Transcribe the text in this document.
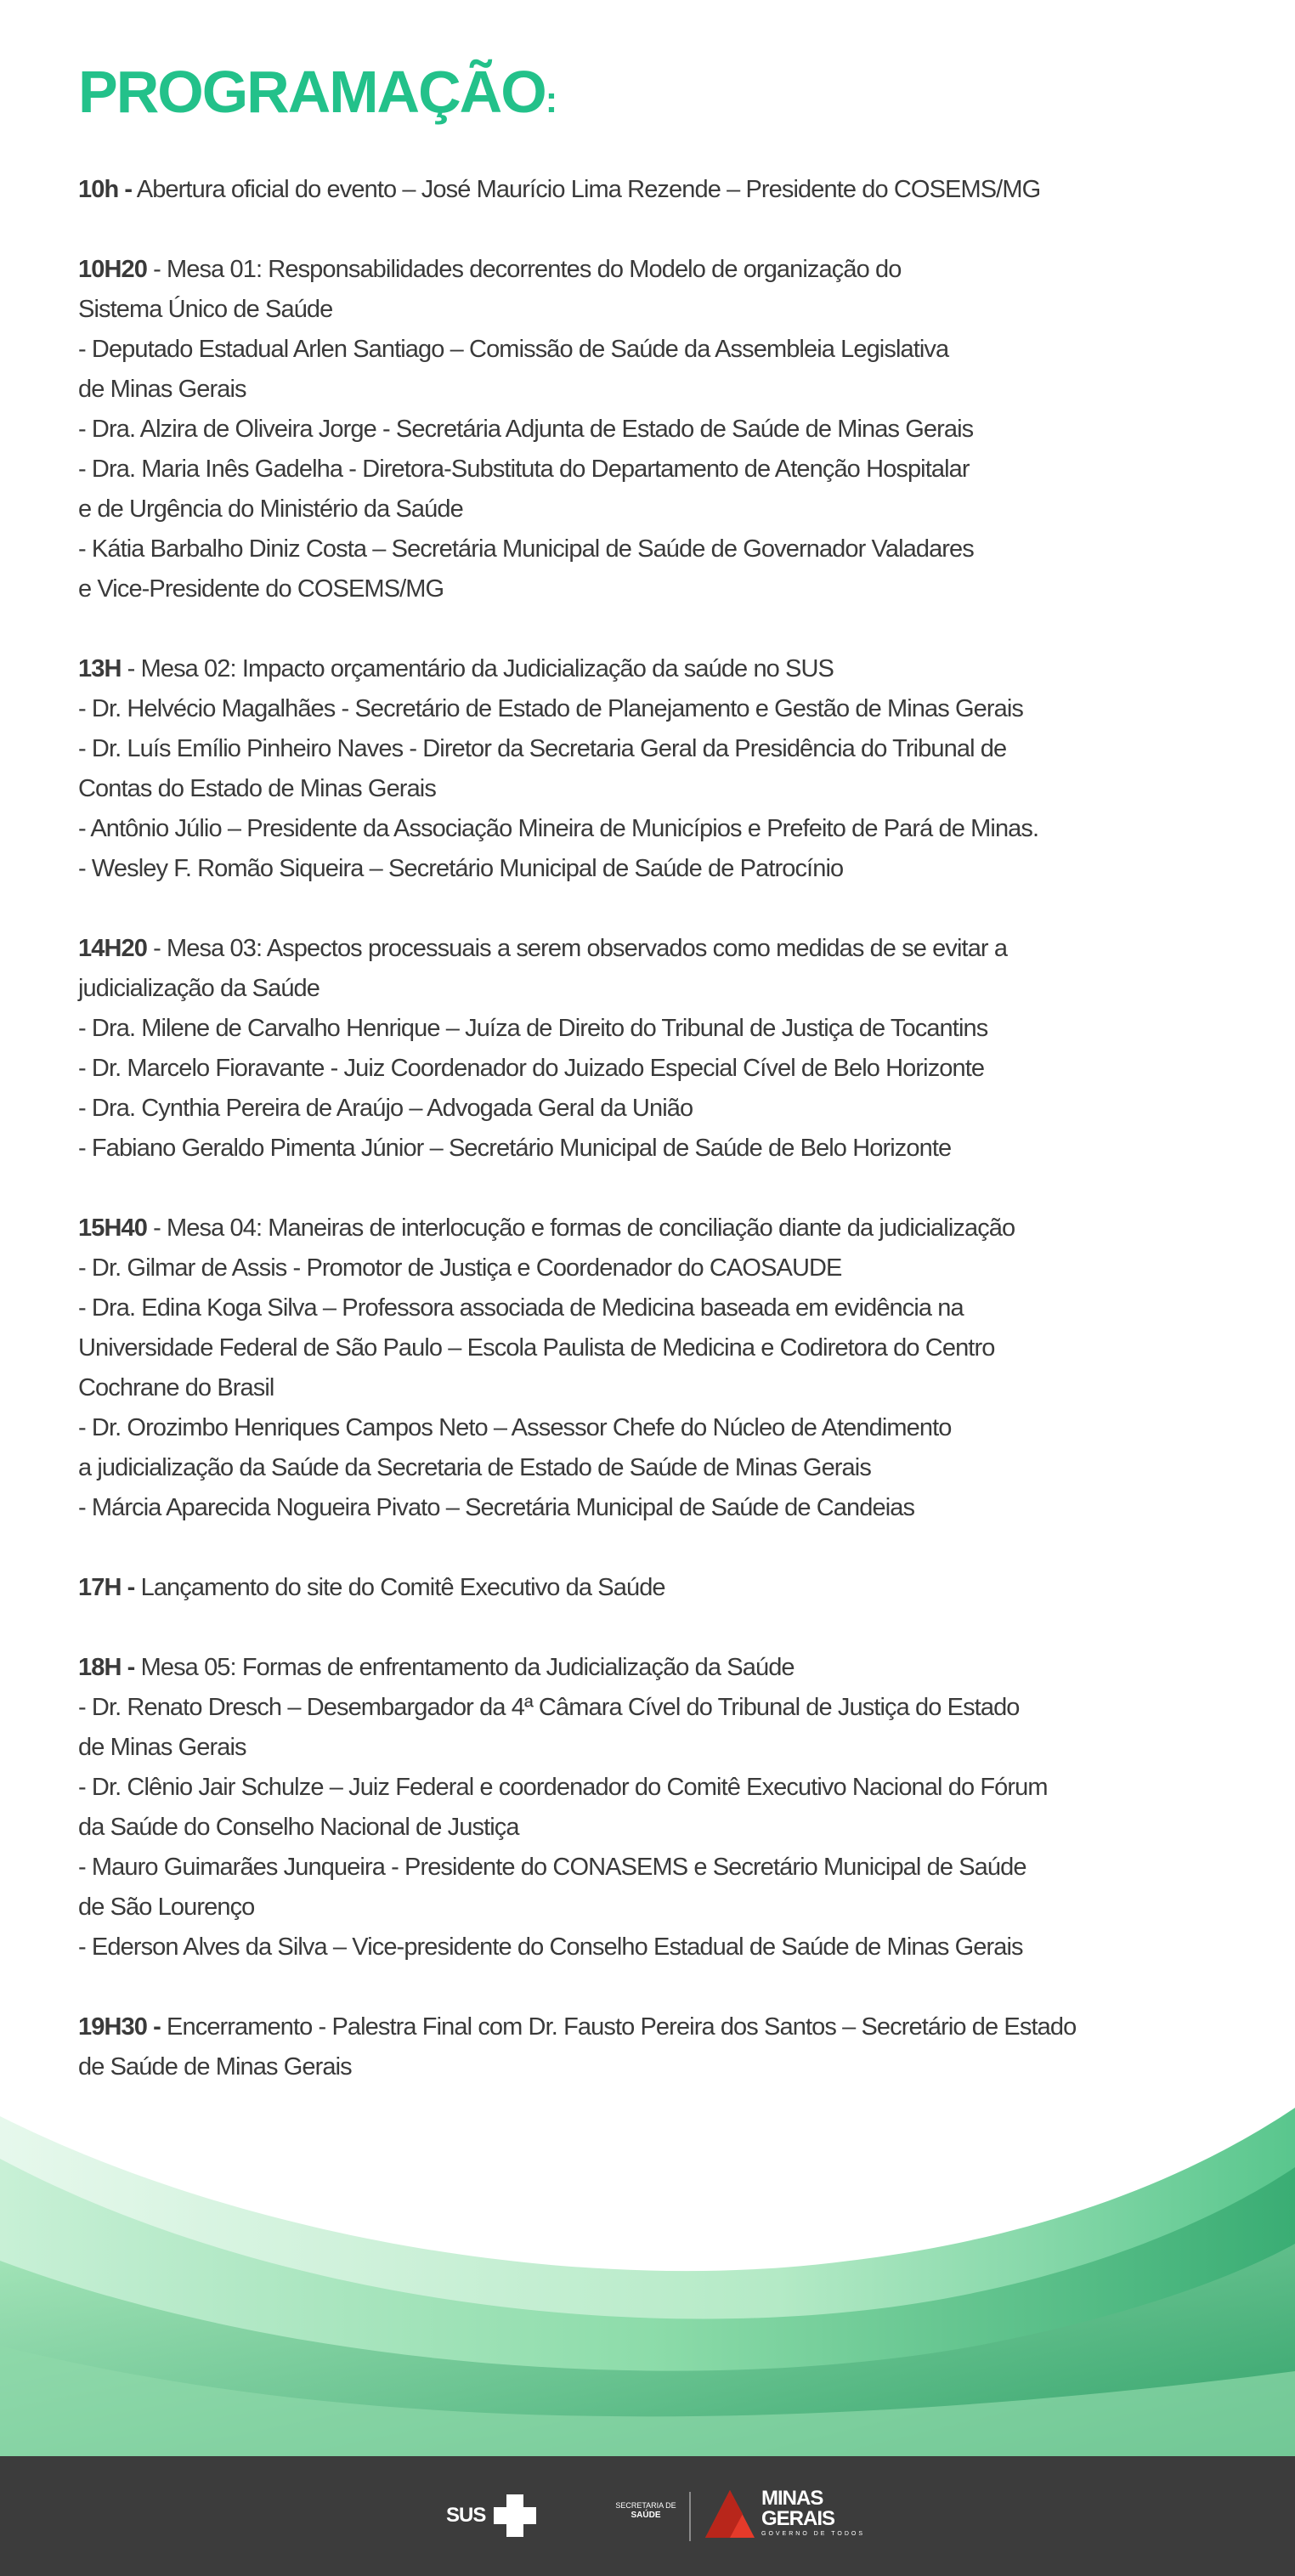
PROGRAMAÇÃO:
10h - Abertura oficial do evento – José Maurício Lima Rezende – Presidente do COSEMS/MG
10H20 - Mesa 01: Responsabilidades decorrentes do Modelo de organização do
Sistema Único de Saúde
- Deputado Estadual Arlen Santiago – Comissão de Saúde da Assembleia Legislativa
de Minas Gerais
- Dra. Alzira de Oliveira Jorge - Secretária Adjunta de Estado de Saúde de Minas Gerais
- Dra. Maria Inês Gadelha - Diretora-Substituta do Departamento de Atenção Hospitalar
e de Urgência do Ministério da Saúde
- Kátia Barbalho Diniz Costa – Secretária Municipal de Saúde de Governador Valadares
e Vice-Presidente do COSEMS/MG
13H - Mesa 02: Impacto orçamentário da Judicialização da saúde no SUS
- Dr. Helvécio Magalhães - Secretário de Estado de Planejamento e Gestão de Minas Gerais
- Dr. Luís Emílio Pinheiro Naves - Diretor da Secretaria Geral da Presidência do Tribunal de
Contas do Estado de Minas Gerais
- Antônio Júlio – Presidente da Associação Mineira de Municípios e Prefeito de Pará de Minas.
- Wesley F. Romão Siqueira – Secretário Municipal de Saúde de Patrocínio
14H20 - Mesa 03: Aspectos processuais a serem observados como medidas de se evitar a
judicialização da Saúde
- Dra. Milene de Carvalho Henrique – Juíza de Direito do Tribunal de Justiça de Tocantins
- Dr. Marcelo Fioravante - Juiz Coordenador do Juizado Especial Cível de Belo Horizonte
- Dra. Cynthia Pereira de Araújo – Advogada Geral da União
- Fabiano Geraldo Pimenta Júnior – Secretário Municipal de Saúde de Belo Horizonte
15H40 - Mesa 04: Maneiras de interlocução e formas de conciliação diante da judicialização
- Dr. Gilmar de Assis - Promotor de Justiça e Coordenador do CAOSAUDE
- Dra. Edina Koga Silva – Professora associada de Medicina baseada em evidência na
Universidade Federal de São Paulo – Escola Paulista de Medicina e Codiretora do Centro
Cochrane do Brasil
- Dr. Orozimbo Henriques Campos Neto – Assessor Chefe do Núcleo de Atendimento
a judicialização da Saúde da Secretaria de Estado de Saúde de Minas Gerais
- Márcia Aparecida Nogueira Pivato – Secretária Municipal de Saúde de Candeias
17H - Lançamento do site do Comitê Executivo da Saúde
18H - Mesa 05: Formas de enfrentamento da Judicialização da Saúde
- Dr. Renato Dresch – Desembargador da 4ª Câmara Cível do Tribunal de Justiça do Estado
de Minas Gerais
- Dr. Clênio Jair Schulze – Juiz Federal e coordenador do Comitê Executivo Nacional do Fórum
da Saúde do Conselho Nacional de Justiça
- Mauro Guimarães Junqueira - Presidente do CONASEMS e Secretário Municipal de Saúde
de São Lourenço
- Ederson Alves da Silva – Vice-presidente do Conselho Estadual de Saúde de Minas Gerais
19H30 - Encerramento - Palestra Final com Dr. Fausto Pereira dos Santos – Secretário de Estado
de Saúde de Minas Gerais
SUS	SECRETARIA DE
SAÚDE
MINAS
GERAIS
GOVERNO DE TODOS
